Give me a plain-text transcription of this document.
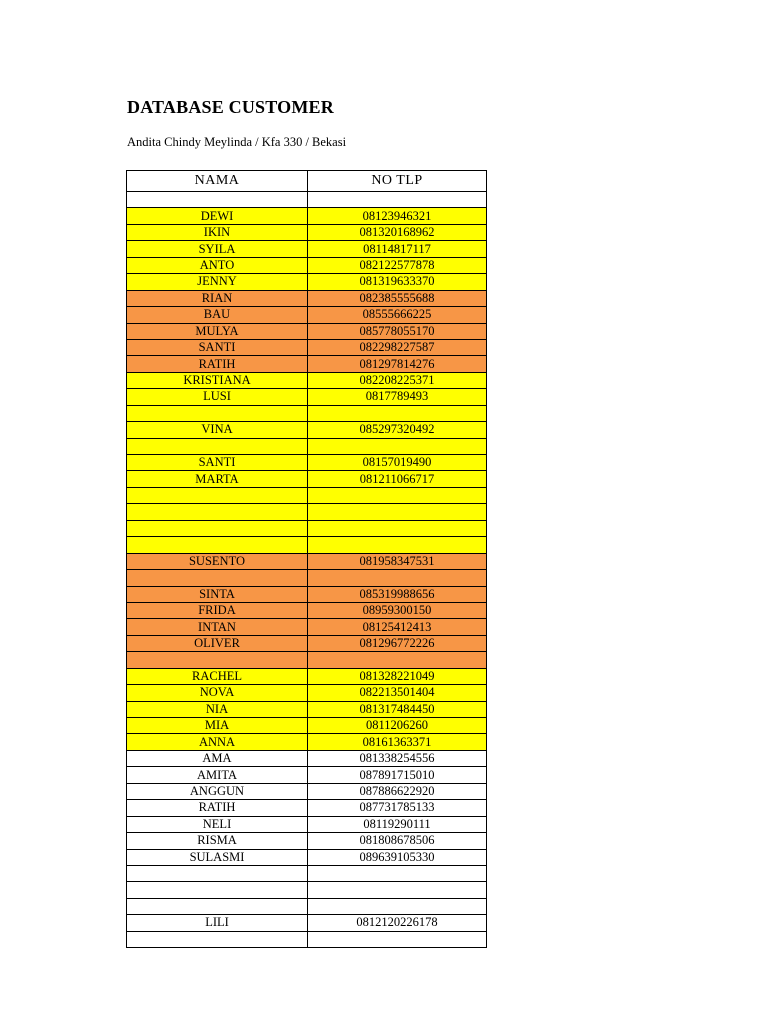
DATABASE CUSTOMER
Andita Chindy Meylinda / Kfa 330 / Bekasi
NAMA	NO TLP

DEWI	08123946321
IKIN	081320168962
SYILA	08114817117
ANTO	082122577878
JENNY	081319633370
RIAN	082385555688
BAU	08555666225
MULYA	085778055170
SANTI	082298227587
RATIH	081297814276
KRISTIANA	082208225371
LUSI	0817789493

VINA	085297320492

SANTI	08157019490
MARTA	081211066717

SUSENTO	081958347531

SINTA	085319988656
FRIDA	08959300150
INTAN	08125412413
OLIVER	081296772226

RACHEL	081328221049
NOVA	082213501404
NIA	081317484450
MIA	0811206260
ANNA	08161363371
AMA	081338254556
AMITA	087891715010
ANGGUN	087886622920
RATIH	087731785133
NELI	08119290111
RISMA	081808678506
SULASMI	089639105330

LILI	0812120226178
